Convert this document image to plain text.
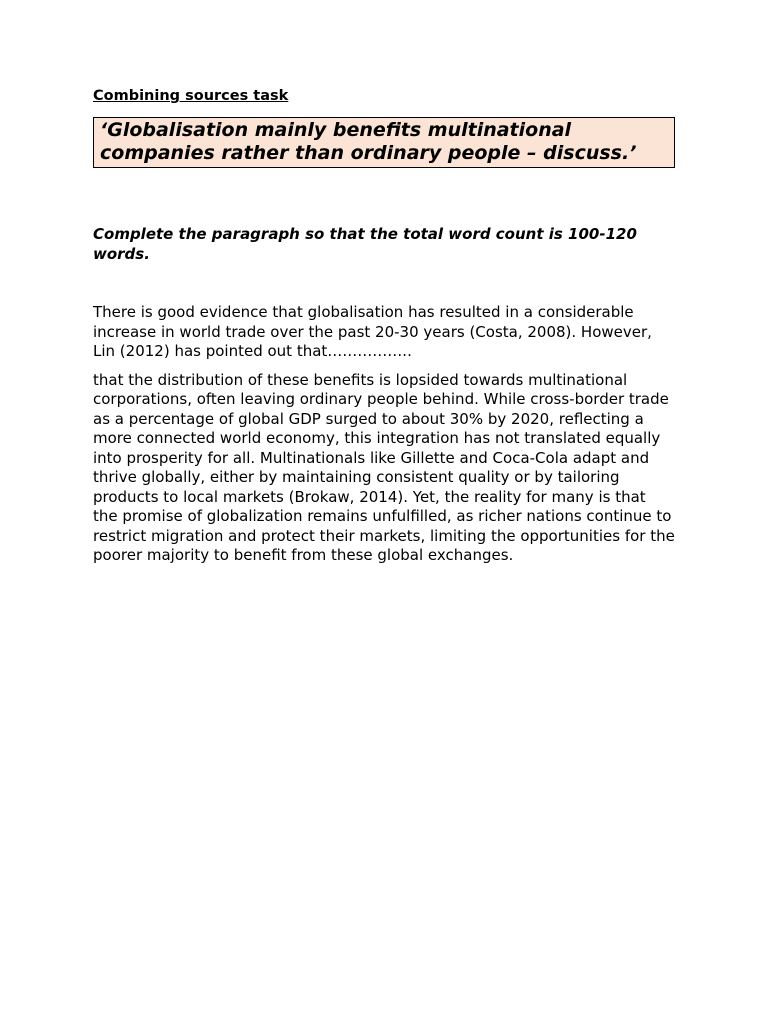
Combining sources task

‘Globalisation mainly benefits multinational companies rather than ordinary people – discuss.’
Complete the paragraph so that the total word count is 100-120 words.

There is good evidence that globalisation has resulted in a considerable increase in world trade over the past 20-30 years (Costa, 2008). However, Lin (2012) has pointed out that……………..

that the distribution of these benefits is lopsided towards multinational corporations, often leaving ordinary people behind. While cross-border trade as a percentage of global GDP surged to about 30% by 2020, reflecting a more connected world economy, this integration has not translated equally into prosperity for all. Multinationals like Gillette and Coca-Cola adapt and thrive globally, either by maintaining consistent quality or by tailoring products to local markets (Brokaw, 2014). Yet, the reality for many is that the promise of globalization remains unfulfilled, as richer nations continue to restrict migration and protect their markets, limiting the opportunities for the poorer majority to benefit from these global exchanges.
